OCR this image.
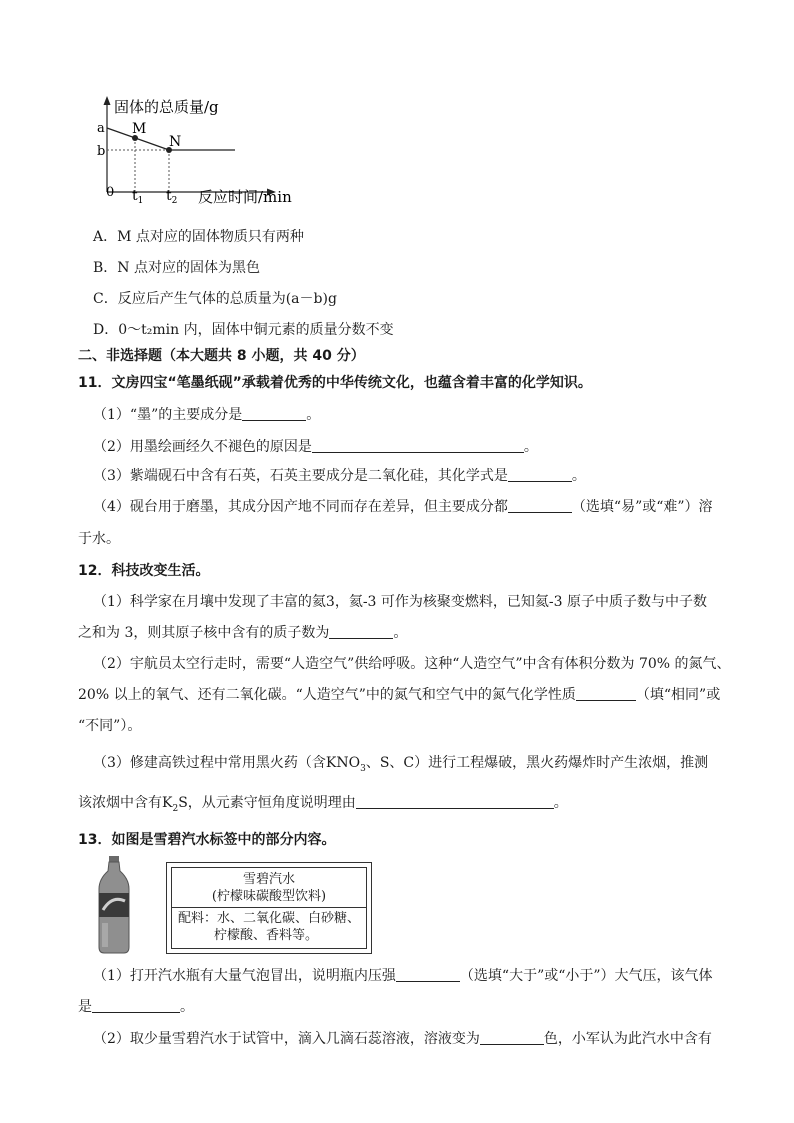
固体的总质量/g
a
b
M
N
0 $t_1$ $t_2$ 反应时间/min
A．M 点对应的固体物质只有两种
B．N 点对应的固体为黑色
C．反应后产生气体的总质量为(a－b)g
D．0～t₂min 内，固体中铜元素的质量分数不变
二、非选择题（本大题共 8 小题，共 40 分）
11．文房四宝“笔墨纸砚”承载着优秀的中华传统文化，也蕴含着丰富的化学知识。
（1）“墨”的主要成分是	。
（2）用墨绘画经久不褪色的原因是	。
（3）紫端砚石中含有石英，石英主要成分是二氧化硅，其化学式是	。
（4）砚台用于磨墨，其成分因产地不同而存在差异，但主要成分都	（选填“易”或“难”）溶
于水。
12．科技改变生活。
（1）科学家在月壤中发现了丰富的氦3，氦-3 可作为核聚变燃料，已知氦-3 原子中质子数与中子数
之和为 3，则其原子核中含有的质子数为	。
（2）宇航员太空行走时，需要“人造空气”供给呼吸。这种“人造空气”中含有体积分数为 70% 的氮气、
20% 以上的氧气、还有二氧化碳。“人造空气”中的氮气和空气中的氮气化学性质	（填“相同”或
“不同”）。
（3）修建高铁过程中常用黑火药（含$KNO_3$、S、C）进行工程爆破，黑火药爆炸时产生浓烟，推测
该浓烟中含有$K_2S$，从元素守恒角度说明理由	。
13．如图是雪碧汽水标签中的部分内容。
雪碧汽水
(柠檬味碳酸型饮料)
配料：水、二氧化碳、白砂糖、
柠檬酸、香料等。
（1）打开汽水瓶有大量气泡冒出，说明瓶内压强	（选填“大于”或“小于”）大气压，该气体
是	。
（2）取少量雪碧汽水于试管中，滴入几滴石蕊溶液，溶液变为	色，小军认为此汽水中含有
